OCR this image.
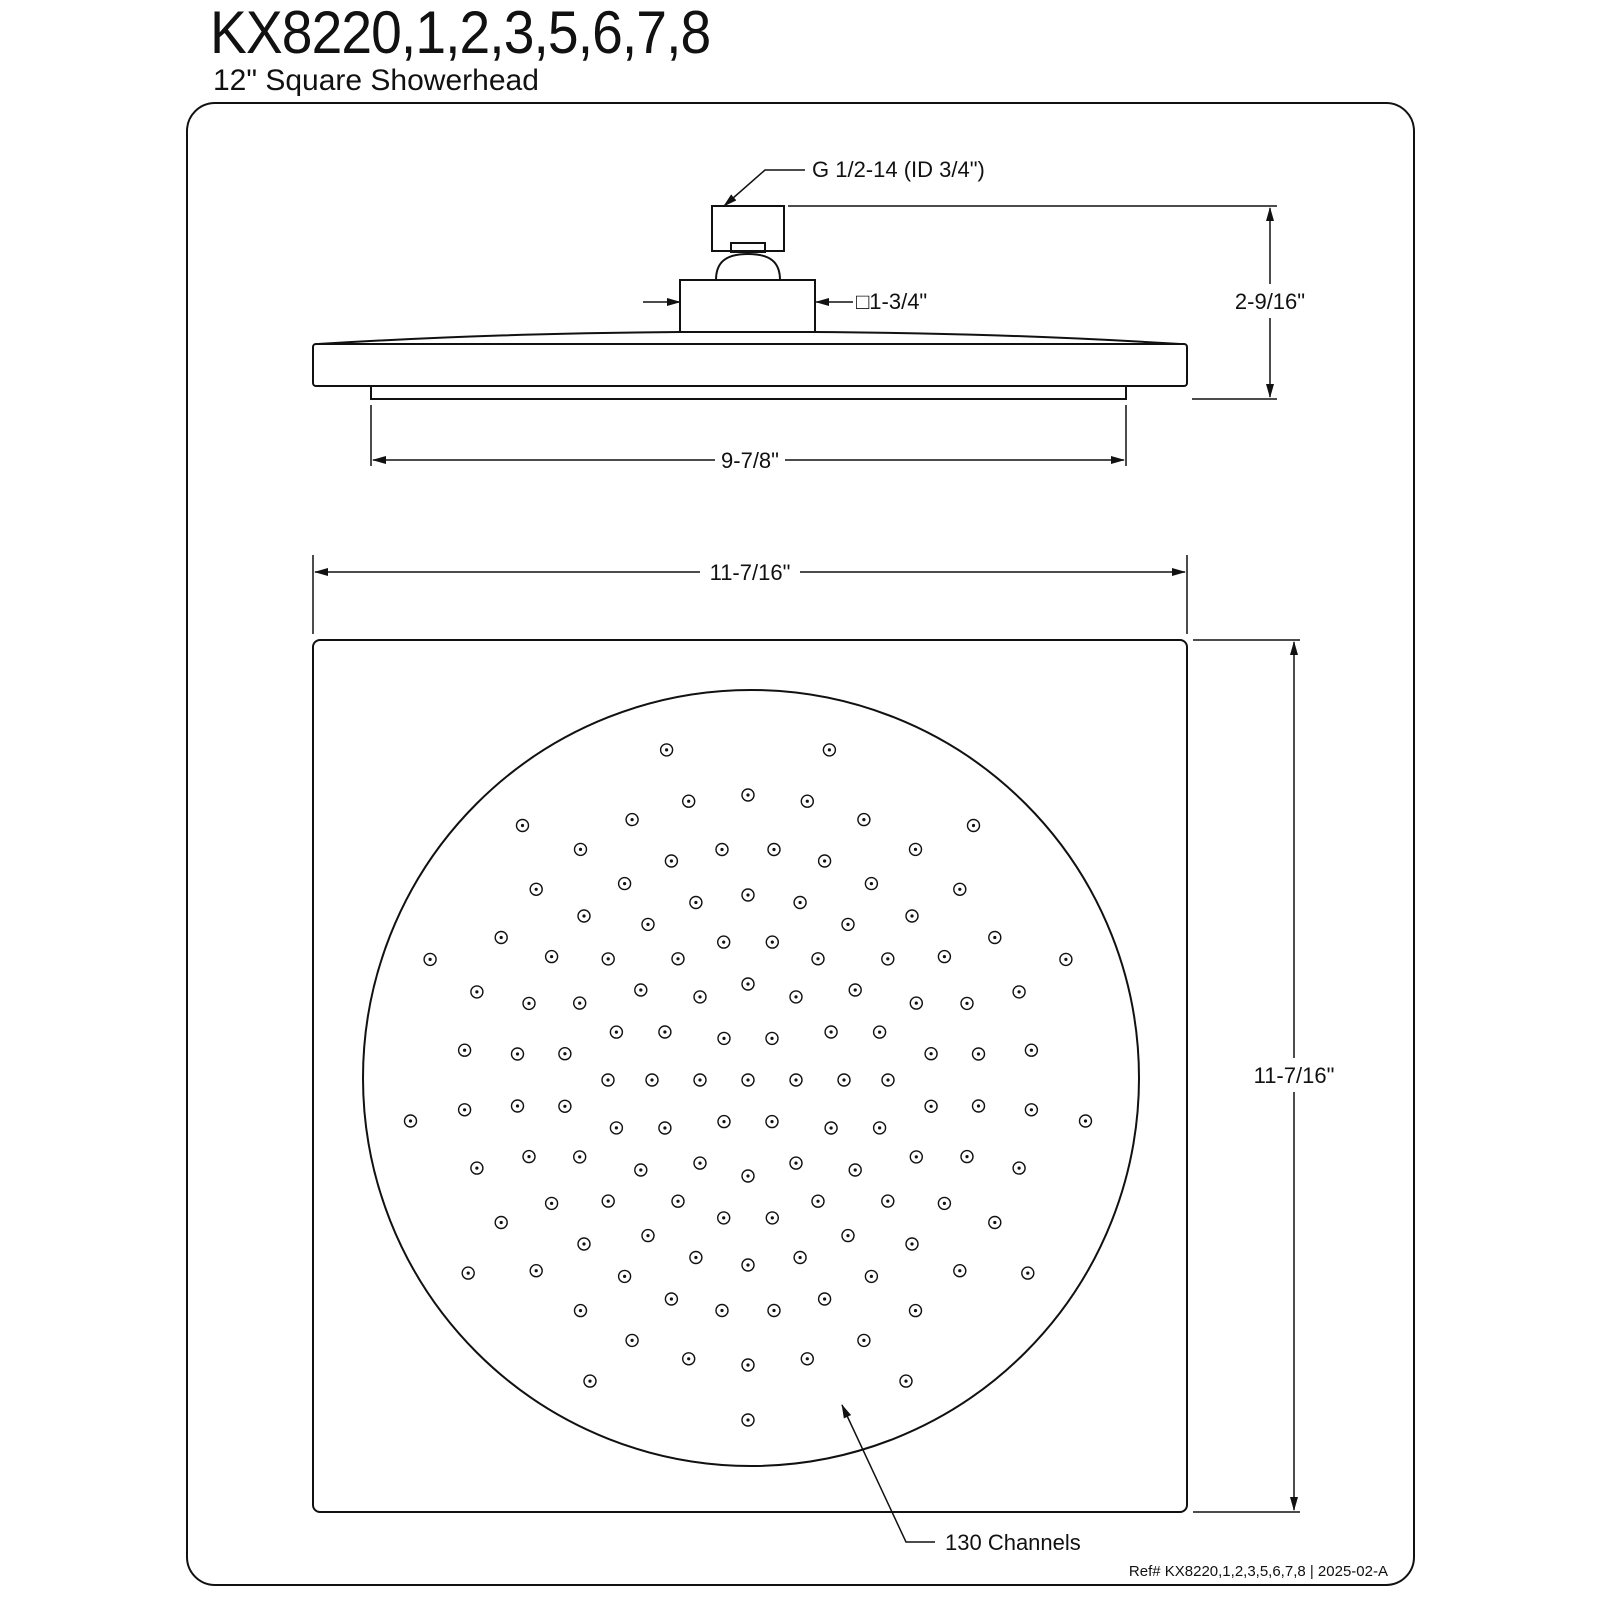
KX8220,1,2,3,5,6,7,8
12" Square Showerhead
G 1/2-14 (ID 3/4")
□1-3/4"	2-9/16"
9-7/8"
11-7/16"
11-7/16"
130 Channels
Ref# KX8220,1,2,3,5,6,7,8 | 2025-02-A
